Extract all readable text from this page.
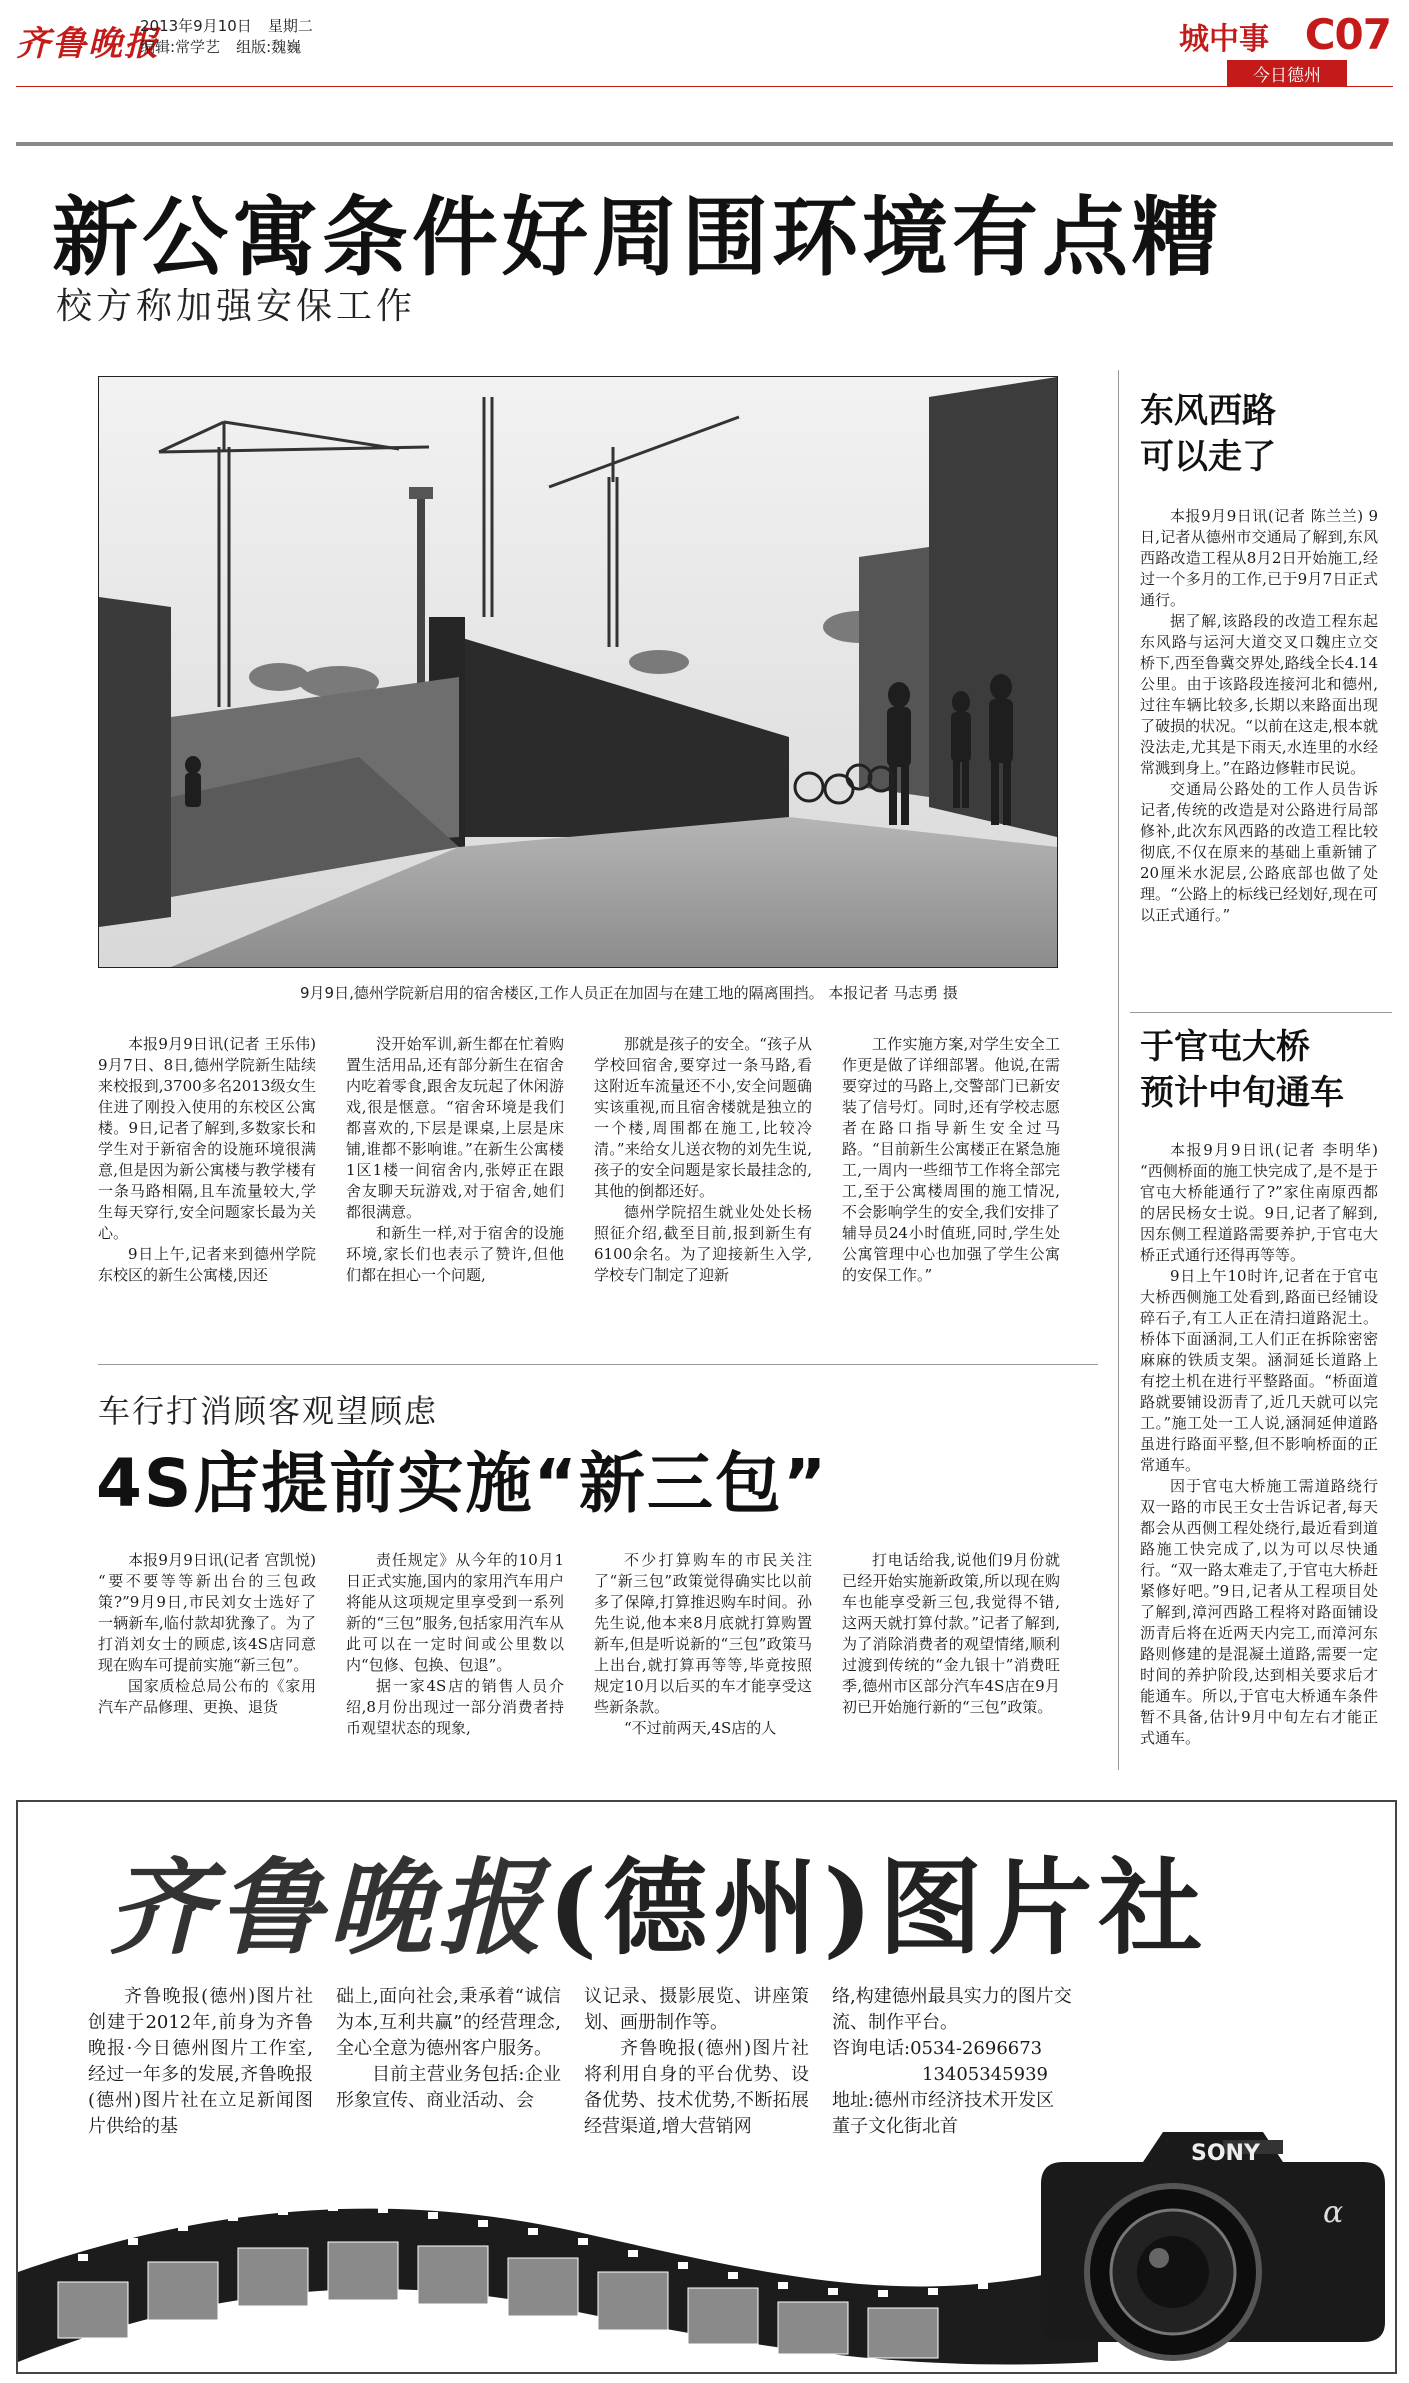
齐鲁晚报
2013年9月10日 星期二
编辑:常学艺 组版:魏巍	城中事 C07
今日德州
新公寓条件好周围环境有点糟
校方称加强安保工作
9月9日,德州学院新启用的宿舍楼区,工作人员正在加固与在建工地的隔离围挡。 本报记者 马志勇 摄

本报9月9日讯(记者 王乐伟) 9月7日、8日,德州学院新生陆续来校报到,3700多名2013级女生住进了刚投入使用的东校区公寓楼。9日,记者了解到,多数家长和学生对于新宿舍的设施环境很满意,但是因为新公寓楼与教学楼有一条马路相隔,且车流量较大,学生每天穿行,安全问题家长最为关心。

9日上午,记者来到德州学院东校区的新生公寓楼,因还

没开始军训,新生都在忙着购置生活用品,还有部分新生在宿舍内吃着零食,跟舍友玩起了休闲游戏,很是惬意。“宿舍环境是我们都喜欢的,下层是课桌,上层是床铺,谁都不影响谁。”在新生公寓楼1区1楼一间宿舍内,张婷正在跟舍友聊天玩游戏,对于宿舍,她们都很满意。

和新生一样,对于宿舍的设施环境,家长们也表示了赞许,但他们都在担心一个问题,

那就是孩子的安全。“孩子从学校回宿舍,要穿过一条马路,看这附近车流量还不小,安全问题确实该重视,而且宿舍楼就是独立的一个楼,周围都在施工,比较冷清。”来给女儿送衣物的刘先生说,孩子的安全问题是家长最挂念的,其他的倒都还好。

德州学院招生就业处处长杨照征介绍,截至目前,报到新生有6100余名。为了迎接新生入学,学校专门制定了迎新

工作实施方案,对学生安全工作更是做了详细部署。他说,在需要穿过的马路上,交警部门已新安装了信号灯。同时,还有学校志愿者在路口指导新生安全过马路。“目前新生公寓楼正在紧急施工,一周内一些细节工作将全部完工,至于公寓楼周围的施工情况,不会影响学生的安全,我们安排了辅导员24小时值班,同时,学生处公寓管理中心也加强了学生公寓的安保工作。”

东风西路
可以走了

本报9月9日讯(记者 陈兰兰) 9日,记者从德州市交通局了解到,东风西路改造工程从8月2日开始施工,经过一个多月的工作,已于9月7日正式通行。

据了解,该路段的改造工程东起东风路与运河大道交叉口魏庄立交桥下,西至鲁冀交界处,路线全长4.14公里。由于该路段连接河北和德州,过往车辆比较多,长期以来路面出现了破损的状况。“以前在这走,根本就没法走,尤其是下雨天,水连里的水经常溅到身上。”在路边修鞋市民说。

交通局公路处的工作人员告诉记者,传统的改造是对公路进行局部修补,此次东风西路的改造工程比较彻底,不仅在原来的基础上重新铺了20厘米水泥层,公路底部也做了处理。“公路上的标线已经划好,现在可以正式通行。”

于官屯大桥
预计中旬通车

本报9月9日讯(记者 李明华) “西侧桥面的施工快完成了,是不是于官屯大桥能通行了?”家住南原西都的居民杨女士说。9日,记者了解到,因东侧工程道路需要养护,于官屯大桥正式通行还得再等等。

9日上午10时许,记者在于官屯大桥西侧施工处看到,路面已经铺设碎石子,有工人正在清扫道路泥土。桥体下面涵洞,工人们正在拆除密密麻麻的铁质支架。涵洞延长道路上有挖土机在进行平整路面。“桥面道路就要铺设沥青了,近几天就可以完工。”施工处一工人说,涵洞延伸道路虽进行路面平整,但不影响桥面的正常通车。

因于官屯大桥施工需道路绕行双一路的市民王女士告诉记者,每天都会从西侧工程处绕行,最近看到道路施工快完成了,以为可以尽快通行。“双一路太难走了,于官屯大桥赶紧修好吧。”9日,记者从工程项目处了解到,漳河西路工程将对路面铺设沥青后将在近两天内完工,而漳河东路则修建的是混凝土道路,需要一定时间的养护阶段,达到相关要求后才能通车。所以,于官屯大桥通车条件暂不具备,估计9月中旬左右才能正式通车。

车行打消顾客观望顾虑
4S店提前实施“新三包”

本报9月9日讯(记者 宫凯悦) “要不要等等新出台的三包政策?”9月9日,市民刘女士选好了一辆新车,临付款却犹豫了。为了打消刘女士的顾虑,该4S店同意现在购车可提前实施“新三包”。

国家质检总局公布的《家用汽车产品修理、更换、退货

责任规定》从今年的10月1日正式实施,国内的家用汽车用户将能从这项规定里享受到一系列新的“三包”服务,包括家用汽车从此可以在一定时间或公里数以内“包修、包换、包退”。

据一家4S店的销售人员介绍,8月份出现过一部分消费者持币观望状态的现象,

不少打算购车的市民关注了“新三包”政策觉得确实比以前多了保障,打算推迟购车时间。孙先生说,他本来8月底就打算购置新车,但是听说新的“三包”政策马上出台,就打算再等等,毕竟按照规定10月以后买的车才能享受这些新条款。

“不过前两天,4S店的人

打电话给我,说他们9月份就已经开始实施新政策,所以现在购车也能享受新三包,我觉得不错,这两天就打算付款。”记者了解到,为了消除消费者的观望情绪,顺利过渡到传统的“金九银十”消费旺季,德州市区部分汽车4S店在9月初已开始施行新的“三包”政策。

齐鲁晚报(德州)图片社

齐鲁晚报(德州)图片社创建于2012年,前身为齐鲁晚报·今日德州图片工作室,经过一年多的发展,齐鲁晚报(德州)图片社在立足新闻图片供给的基

础上,面向社会,秉承着“诚信为本,互利共赢”的经营理念,全心全意为德州客户服务。

目前主营业务包括:企业形象宣传、商业活动、会

议记录、摄影展览、讲座策划、画册制作等。

齐鲁晚报(德州)图片社将利用自身的平台优势、设备优势、技术优势,不断拓展经营渠道,增大营销网

络,构建德州最具实力的图片交流、制作平台。
咨询电话:0534-2696673
13405345939
地址:德州市经济技术开发区董子文化街北首
SONY
α
